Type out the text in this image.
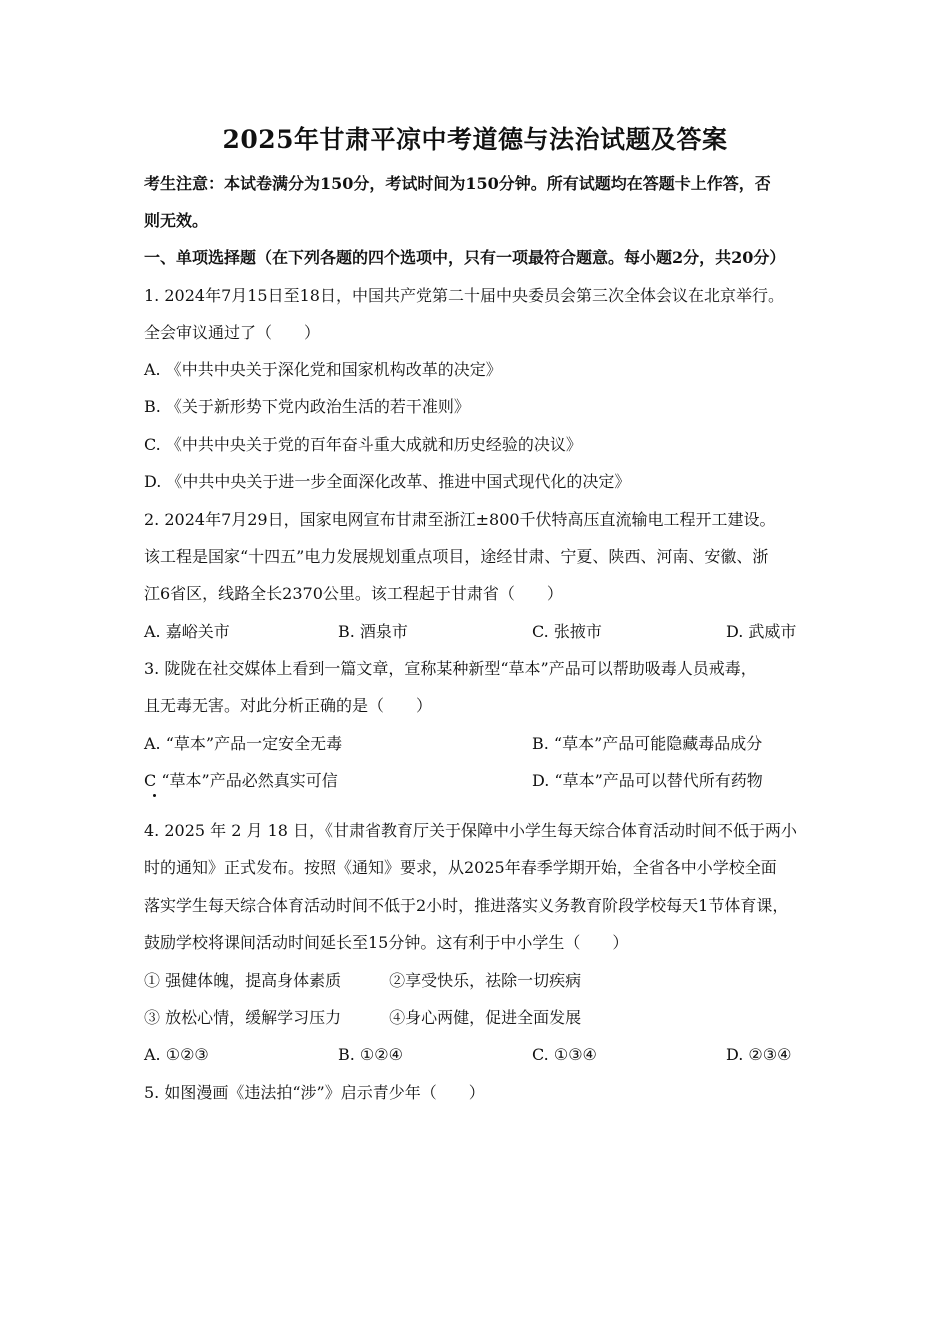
2025年甘肃平凉中考道德与法治试题及答案
考生注意：本试卷满分为150分，考试时间为150分钟。所有试题均在答题卡上作答，否
则无效。
一、单项选择题（在下列各题的四个选项中，只有一项最符合题意。每小题2分，共20分）
1. 2024年7月15日至18日，中国共产党第二十届中央委员会第三次全体会议在北京举行。
全会审议通过了（　　）
A. 《中共中央关于深化党和国家机构改革的决定》
B. 《关于新形势下党内政治生活的若干准则》
C. 《中共中央关于党的百年奋斗重大成就和历史经验的决议》
D. 《中共中央关于进一步全面深化改革、推进中国式现代化的决定》
2. 2024年7月29日，国家电网宣布甘肃至浙江±800千伏特高压直流输电工程开工建设。
该工程是国家“十四五”电力发展规划重点项目，途经甘肃、宁夏、陕西、河南、安徽、浙
江6省区，线路全长2370公里。该工程起于甘肃省（　　）
A. 嘉峪关市	B. 酒泉市	C. 张掖市	D. 武威市
3. 陇陇在社交媒体上看到一篇文章，宣称某种新型“草本”产品可以帮助吸毒人员戒毒，
且无毒无害。对此分析正确的是（　　）
A. “草本”产品一定安全无毒	B. “草本”产品可能隐藏毒品成分
C “草本”产品必然真实可信	D. “草本”产品可以替代所有药物
4. 2025 年 2 月 18 日，《甘肃省教育厅关于保障中小学生每天综合体育活动时间不低于两小
时的通知》正式发布。按照《通知》要求，从2025年春季学期开始，全省各中小学校全面
落实学生每天综合体育活动时间不低于2小时，推进落实义务教育阶段学校每天1节体育课，
鼓励学校将课间活动时间延长至15分钟。这有利于中小学生（　　）
① 强健体魄，提高身体素质　　　②享受快乐，祛除一切疾病
③ 放松心情，缓解学习压力　　　④身心两健，促进全面发展
A. ①②③	B. ①②④	C. ①③④	D. ②③④
5. 如图漫画《违法拍“涉”》启示青少年（　　）
